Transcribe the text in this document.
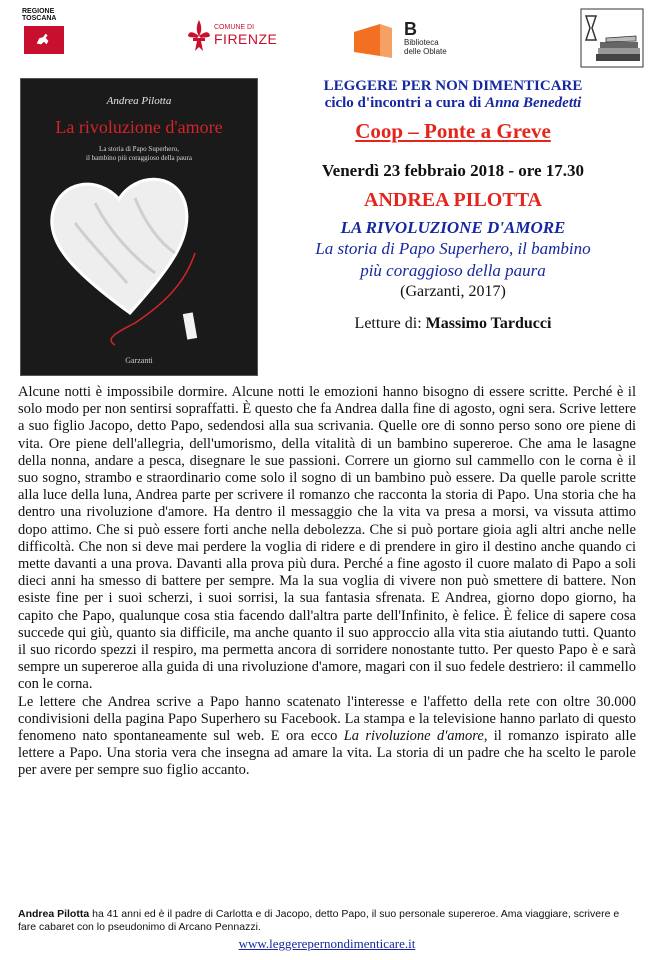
REGIONE
TOSCANA
COMUNE DI
FIRENZE	B
Biblioteca
delle Oblate
Andrea Pilotta
La rivoluzione d'amore
La storia di Papo Superhero,
il bambino più coraggioso della paura
Garzanti
LEGGERE PER NON DIMENTICARE
ciclo d'incontri a cura di Anna Benedetti
Coop – Ponte a Greve
Venerdì 23 febbraio 2018 - ore 17.30
ANDREA PILOTTA
LA RIVOLUZIONE D'AMORE
La storia di Papo Superhero, il bambino
più coraggioso della paura
(Garzanti, 2017)
Letture di: Massimo Tarducci

Alcune notti è impossibile dormire. Alcune notti le emozioni hanno bisogno di essere scritte. Perché è il solo modo per non sentirsi sopraffatti. È questo che fa Andrea dalla fine di agosto, ogni sera. Scrive lettere a suo figlio Jacopo, detto Papo, sedendosi alla sua scrivania. Quelle ore di sonno perso sono ore piene di vita. Ore piene dell'allegria, dell'umorismo, della vitalità di un bambino supereroe. Che ama le lasagne della nonna, andare a pesca, disegnare le sue passioni. Correre un giorno sul cammello con le corna è il suo sogno, strambo e straordinario come solo il sogno di un bambino può essere. Da quelle parole scritte alla luce della luna, Andrea parte per scrivere il romanzo che racconta la storia di Papo. Una storia che ha dentro una rivoluzione d'amore. Ha dentro il messaggio che la vita va presa a morsi, va vissuta attimo dopo attimo. Che si può essere forti anche nella debolezza. Che si può portare gioia agli altri anche nelle difficoltà. Che non si deve mai perdere la voglia di ridere e di prendere in giro il destino anche quando ci mette davanti a una prova. Davanti alla prova più dura. Perché a fine agosto il cuore malato di Papo a soli dieci anni ha smesso di battere per sempre. Ma la sua voglia di vivere non può smettere di battere. Non esiste fine per i suoi scherzi, i suoi sorrisi, la sua fantasia sfrenata. E Andrea, giorno dopo giorno, ha capito che Papo, qualunque cosa stia facendo dall'altra parte dell'Infinito, è felice. È felice di sapere cosa succede qui giù, quanto sia difficile, ma anche quanto il suo approccio alla vita stia aiutando tutti. Quanto il suo ricordo spezzi il respiro, ma permetta ancora di sorridere nonostante tutto. Per questo Papo è e sarà sempre un supereroe alla guida di una rivoluzione d'amore, magari con il suo fedele destriero: il cammello con le corna.

Le lettere che Andrea scrive a Papo hanno scatenato l'interesse e l'affetto della rete con oltre 30.000 condivisioni della pagina Papo Superhero su Facebook. La stampa e la televisione hanno parlato di questo fenomeno nato spontaneamente sul web. E ora ecco La rivoluzione d'amore, il romanzo ispirato alle lettere a Papo. Una storia vera che insegna ad amare la vita. La storia di un padre che ha scelto le parole per avere per sempre suo figlio accanto.

Andrea Pilotta ha 41 anni ed è il padre di Carlotta e di Jacopo, detto Papo, il suo personale supereroe. Ama viaggiare, scrivere e fare cabaret con lo pseudonimo di Arcano Pennazzi.
www.leggerepernondimenticare.it
